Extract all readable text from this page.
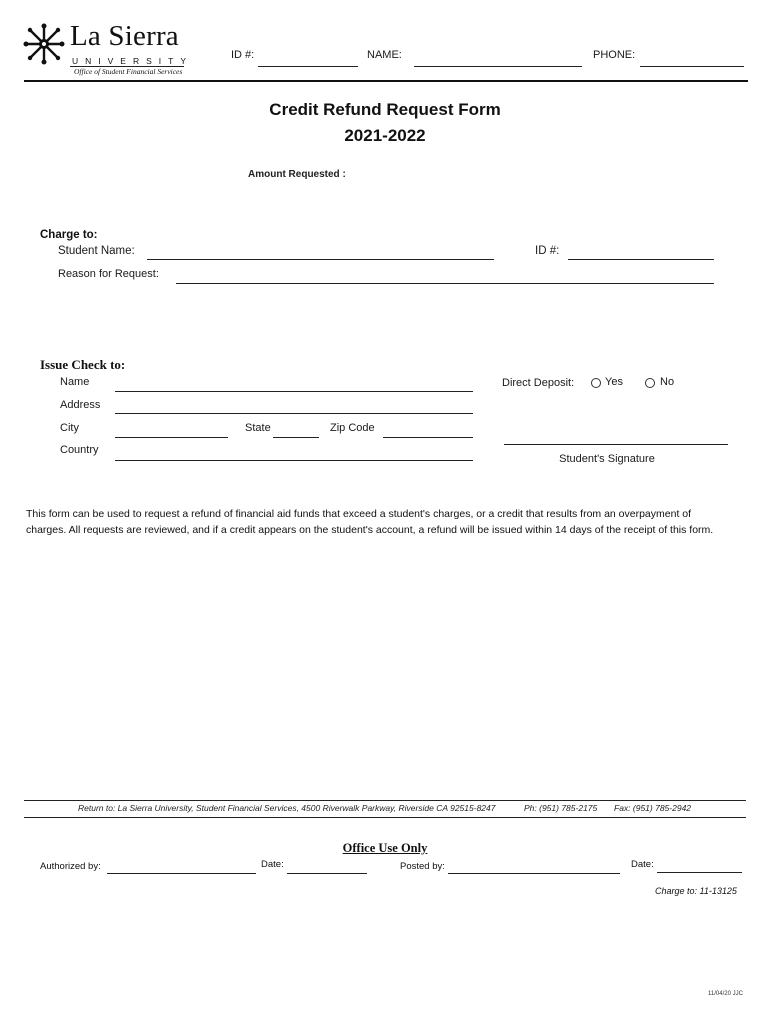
La Sierra
UNIVERSITY
Office of Student Financial Services
ID #:	NAME:	PHONE:
Credit Refund Request Form
2021-2022
Amount Requested :
Charge to:
Student Name:	ID #:
Reason for Request:
Issue Check to:
Name
Address
City	State	Zip Code
Country
Direct Deposit:	Yes	No
Student's Signature
This form can be used to request a refund of financial aid funds that exceed a student's charges, or a credit that results from an overpayment of charges. All requests are reviewed, and if a credit appears on the student's account, a refund will be issued within 14 days of the receipt of this form.
Return to: La Sierra University, Student Financial Services, 4500 Riverwalk Parkway, Riverside CA 92515-8247	Ph: (951) 785-2175 Fax: (951) 785-2942
Office Use Only
Authorized by:	Date:	Posted by:	Date:
Charge to: 11-13125
11/04/20 JJC
